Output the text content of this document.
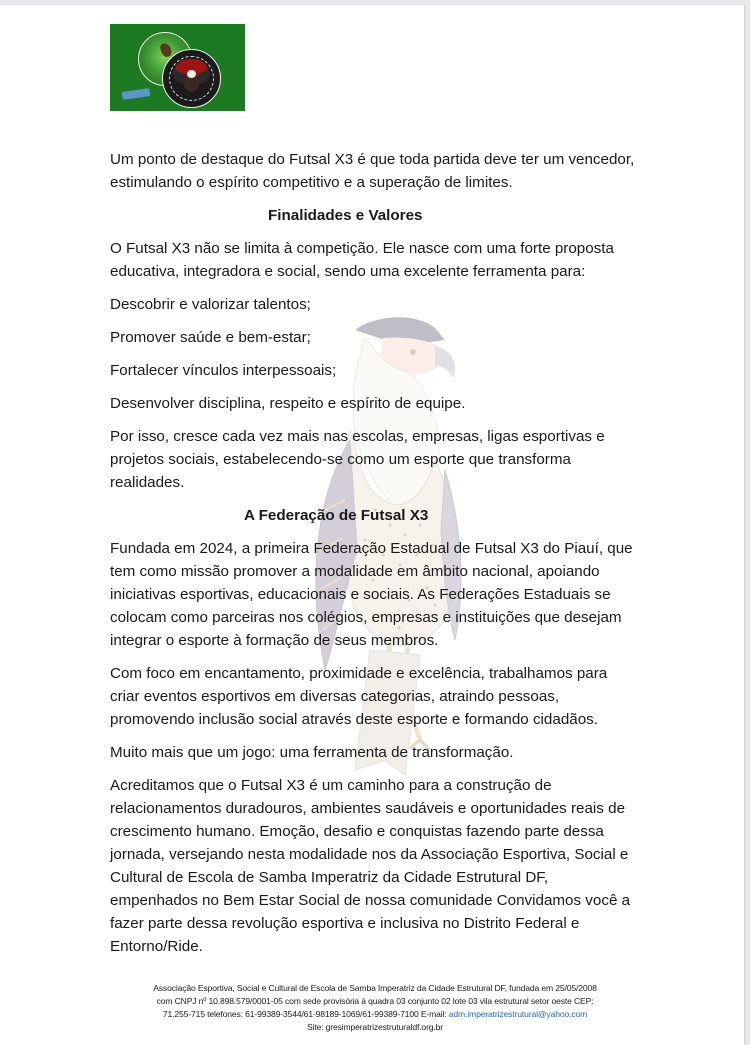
Um ponto de destaque do Futsal X3 é que toda partida deve ter um vencedor, estimulando o espírito competitivo e a superação de limites.

Finalidades e Valores

O Futsal X3 não se limita à competição. Ele nasce com uma forte proposta educativa, integradora e social, sendo uma excelente ferramenta para:

Descobrir e valorizar talentos;

Promover saúde e bem-estar;

Fortalecer vínculos interpessoais;

Desenvolver disciplina, respeito e espírito de equipe.

Por isso, cresce cada vez mais nas escolas, empresas, ligas esportivas e projetos sociais, estabelecendo-se como um esporte que transforma realidades.

A Federação de Futsal X3

Fundada em 2024, a primeira Federação Estadual de Futsal X3 do Piauí, que tem como missão promover a modalidade em âmbito nacional, apoiando iniciativas esportivas, educacionais e sociais. As Federações Estaduais se colocam como parceiras nos colégios, empresas e instituições que desejam integrar o esporte à formação de seus membros.

Com foco em encantamento, proximidade e excelência, trabalhamos para criar eventos esportivos em diversas categorias, atraindo pessoas, promovendo inclusão social através deste esporte e formando cidadãos.

Muito mais que um jogo: uma ferramenta de transformação.

Acreditamos que o Futsal X3 é um caminho para a construção de relacionamentos duradouros, ambientes saudáveis e oportunidades reais de crescimento humano. Emoção, desafio e conquistas fazendo parte dessa jornada, versejando nesta modalidade nos da Associação Esportiva, Social e Cultural de Escola de Samba Imperatriz da Cidade Estrutural DF, empenhados no Bem Estar Social de nossa comunidade Convidamos você a fazer parte dessa revolução esportiva e inclusiva no Distrito Federal e Entorno/Ride.

Associação Esportiva, Social e Cultural de Escola de Samba Imperatriz da Cidade Estrutural DF, fundada em 25/05/2008
com CNPJ nº 10.898.579/0001-05 com sede provisória á quadra 03 conjunto 02 lote 03 vila estrutural setor oeste CEP:
71.255-715 telefones: 61-99389-3544/61-98189-1069/61-99389-7100 E-mail: adm.imperatrizestrutural@yahoo.com
Site: gresimperatrizestruturaldf.org.br
